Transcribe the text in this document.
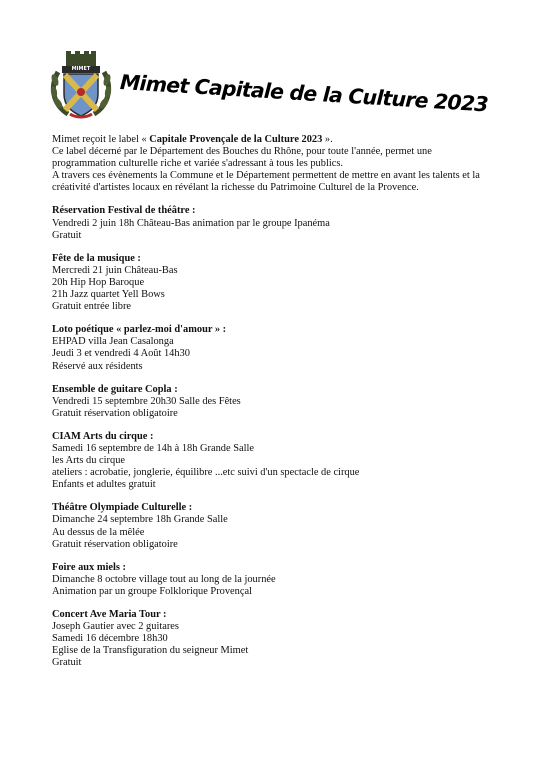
MIMET
Mimet Capitale de la Culture 2023
Mimet reçoit le label « Capitale Provençale de la Culture 2023 ».
Ce label décerné par le Département des Bouches du Rhône, pour toute l'année, permet une
programmation culturelle riche et variée s'adressant à tous les publics.
A travers ces évènements la Commune et le Département permettent de mettre en avant les talents et la
créativité d'artistes locaux en révélant la richesse du Patrimoine Culturel de la Provence.
Réservation Festival de théâtre :
Vendredi 2 juin 18h Château-Bas animation par le groupe Ipanéma
Gratuit
Fête de la musique :
Mercredi 21 juin Château-Bas
20h Hip Hop Baroque
21h Jazz quartet Yell Bows
Gratuit entrée libre
Loto poétique « parlez-moi d'amour » :
EHPAD villa Jean Casalonga
Jeudi 3 et vendredi 4 Août 14h30
Réservé aux résidents
Ensemble de guitare Copla :
Vendredi 15 septembre 20h30 Salle des Fêtes
Gratuit réservation obligatoire
CIAM Arts du cirque :
Samedi 16 septembre de 14h à 18h Grande Salle
les Arts du cirque
ateliers : acrobatie, jonglerie, équilibre ...etc suivi d'un spectacle de cirque
Enfants et adultes gratuit
Théâtre Olympiade Culturelle :
Dimanche 24 septembre 18h Grande Salle
Au dessus de la mêlée
Gratuit réservation obligatoire
Foire aux miels :
Dimanche 8 octobre village tout au long de la journée
Animation par un groupe Folklorique Provençal
Concert Ave Maria Tour :
Joseph Gautier avec 2 guitares
Samedi 16 décembre 18h30
Eglise de la Transfiguration du seigneur Mimet
Gratuit
